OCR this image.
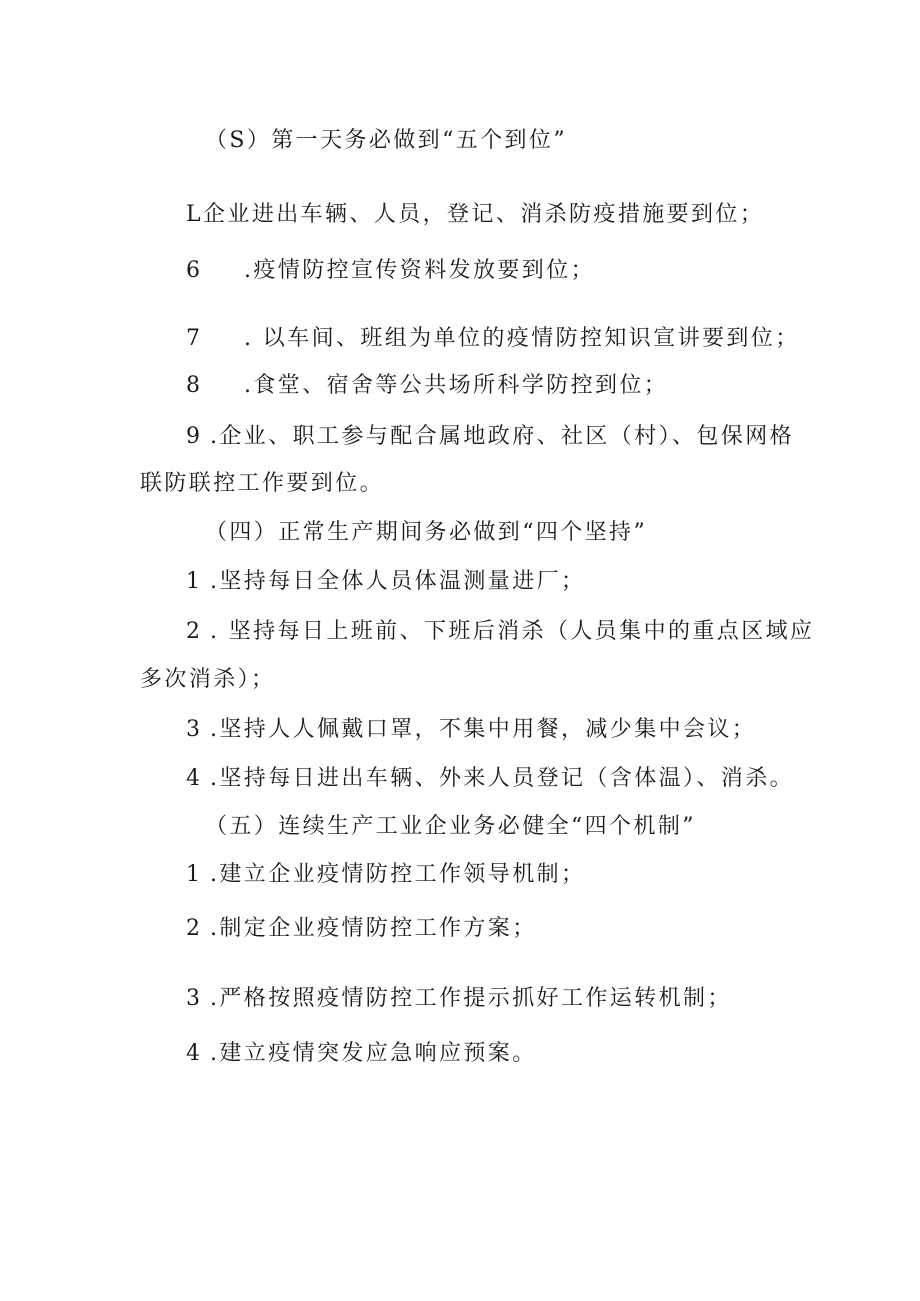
（S）第一天务必做到“五个到位”
L企业进出车辆、人员，登记、消杀防疫措施要到位；
6 .疫情防控宣传资料发放要到位；
7 . 以车间、班组为单位的疫情防控知识宣讲要到位；
8 .食堂、宿舍等公共场所科学防控到位；
9 .企业、职工参与配合属地政府、社区（村）、包保网格
联防联控工作要到位。
（四）正常生产期间务必做到“四个坚持”
1 .坚持每日全体人员体温测量进厂；
2 . 坚持每日上班前、下班后消杀（人员集中的重点区域应
多次消杀）；
3 .坚持人人佩戴口罩，不集中用餐，减少集中会议；
4 .坚持每日进出车辆、外来人员登记（含体温）、消杀。
（五）连续生产工业企业务必健全“四个机制”
1 .建立企业疫情防控工作领导机制；
2 .制定企业疫情防控工作方案；
3 .严格按照疫情防控工作提示抓好工作运转机制；
4 .建立疫情突发应急响应预案。
